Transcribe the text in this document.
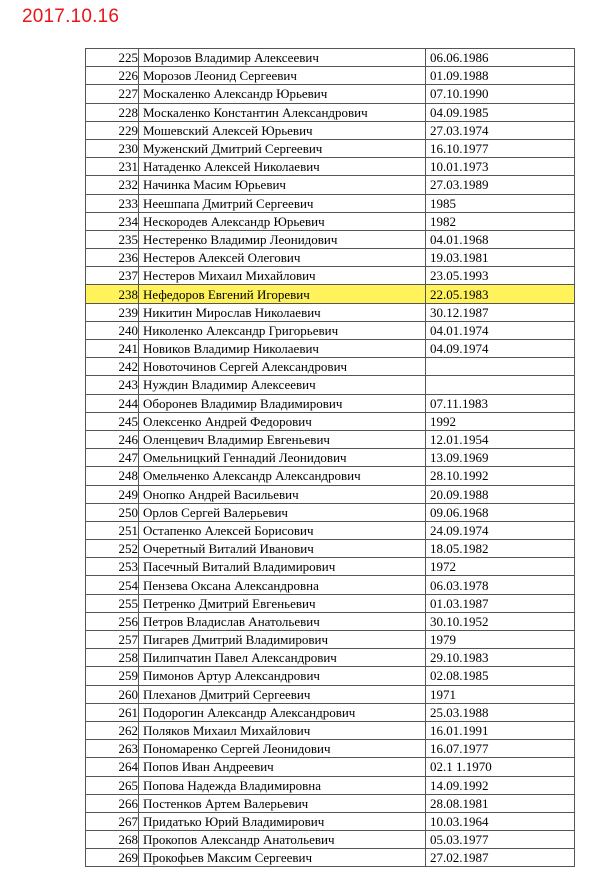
2017.10.16
225	Морозов Владимир Алексеевич	06.06.1986
226	Морозов Леонид Сергеевич	01.09.1988
227	Москаленко Александр Юрьевич	07.10.1990
228	Москаленко Константин Александрович	04.09.1985
229	Мошевский Алексей Юрьевич	27.03.1974
230	Муженский Дмитрий Сергеевич	16.10.1977
231	Натаденко Алексей Николаевич	10.01.1973
232	Начинка Масим Юрьевич	27.03.1989
233	Неешпапа Дмитрий Сергеевич	1985
234	Нескородев Александр Юрьевич	1982
235	Нестеренко Владимир Леонидович	04.01.1968
236	Нестеров Алексей Олегович	19.03.1981
237	Нестеров Михаил Михайлович	23.05.1993
238	Нефедоров Евгений Игоревич	22.05.1983
239	Никитин Мирослав Николаевич	30.12.1987
240	Николенко Александр Григорьевич	04.01.1974
241	Новиков Владимир Николаевич	04.09.1974
242	Новоточинов Сергей Александрович	
243	Нуждин Владимир Алексеевич	
244	Оборонев Владимир Владимирович	07.11.1983
245	Олексенко Андрей Федорович	1992
246	Оленцевич Владимир Евгеньевич	12.01.1954
247	Омельницкий Геннадий Леонидович	13.09.1969
248	Омельченко Александр Александрович	28.10.1992
249	Онопко Андрей Васильевич	20.09.1988
250	Орлов Сергей Валерьевич	09.06.1968
251	Остапенко Алексей Борисович	24.09.1974
252	Очеретный Виталий Иванович	18.05.1982
253	Пасечный Виталий Владимирович	1972
254	Пензева Оксана Александровна	06.03.1978
255	Петренко Дмитрий Евгеньевич	01.03.1987
256	Петров Владислав Анатольевич	30.10.1952
257	Пигарев Дмитрий Владимирович	1979
258	Пилипчатин Павел Александрович	29.10.1983
259	Пимонов Артур Александрович	02.08.1985
260	Плеханов Дмитрий Сергеевич	1971
261	Подорогин Александр Александрович	25.03.1988
262	Поляков Михаил Михайлович	16.01.1991
263	Пономаренко Сергей Леонидович	16.07.1977
264	Попов Иван Андреевич	02.1 1.1970
265	Попова Надежда Владимировна	14.09.1992
266	Постенков Артем Валерьевич	28.08.1981
267	Придатько Юрий Владимирович	10.03.1964
268	Прокопов Александр Анатольевич	05.03.1977
269	Прокофьев Максим Сергеевич	27.02.1987
